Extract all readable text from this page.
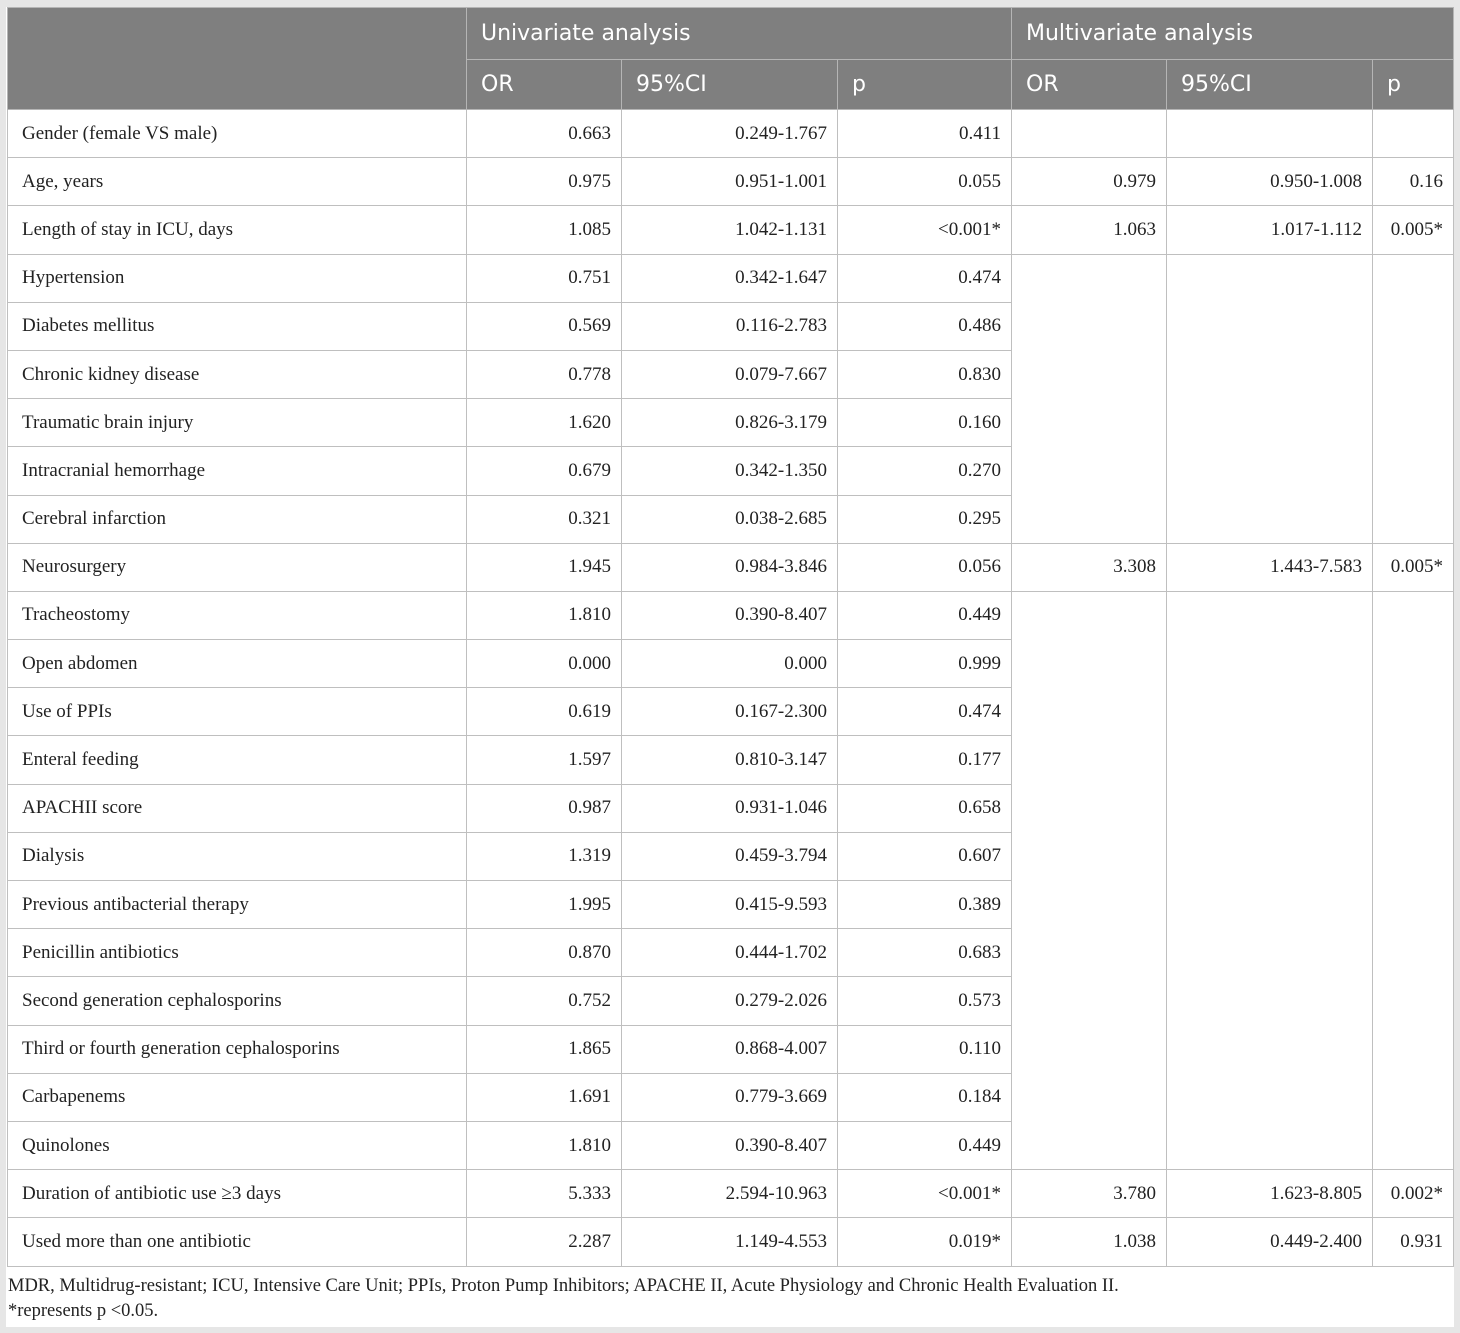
	Univariate analysis			Multivariate analysis		
	OR	95%CI	p	OR	95%CI	p
Gender (female VS male)	0.663	0.249-1.767	0.411			
Age, years	0.975	0.951-1.001	0.055	0.979	0.950-1.008	0.16
Length of stay in ICU, days	1.085	1.042-1.131	<0.001*	1.063	1.017-1.112	0.005*
Hypertension	0.751	0.342-1.647	0.474			
Diabetes mellitus	0.569	0.116-2.783	0.486			
Chronic kidney disease	0.778	0.079-7.667	0.830			
Traumatic brain injury	1.620	0.826-3.179	0.160			
Intracranial hemorrhage	0.679	0.342-1.350	0.270			
Cerebral infarction	0.321	0.038-2.685	0.295			
Neurosurgery	1.945	0.984-3.846	0.056	3.308	1.443-7.583	0.005*
Tracheostomy	1.810	0.390-8.407	0.449			
Open abdomen	0.000	0.000	0.999			
Use of PPIs	0.619	0.167-2.300	0.474			
Enteral feeding	1.597	0.810-3.147	0.177			
APACHII score	0.987	0.931-1.046	0.658			
Dialysis	1.319	0.459-3.794	0.607			
Previous antibacterial therapy	1.995	0.415-9.593	0.389			
Penicillin antibiotics	0.870	0.444-1.702	0.683			
Second generation cephalosporins	0.752	0.279-2.026	0.573			
Third or fourth generation cephalosporins	1.865	0.868-4.007	0.110			
Carbapenems	1.691	0.779-3.669	0.184			
Quinolones	1.810	0.390-8.407	0.449			
Duration of antibiotic use ≥3 days	5.333	2.594-10.963	<0.001*	3.780	1.623-8.805	0.002*
Used more than one antibiotic	2.287	1.149-4.553	0.019*	1.038	0.449-2.400	0.931
MDR, Multidrug-resistant; ICU, Intensive Care Unit; PPIs, Proton Pump Inhibitors; APACHE II, Acute Physiology and Chronic Health Evaluation II.
*represents p <0.05.
